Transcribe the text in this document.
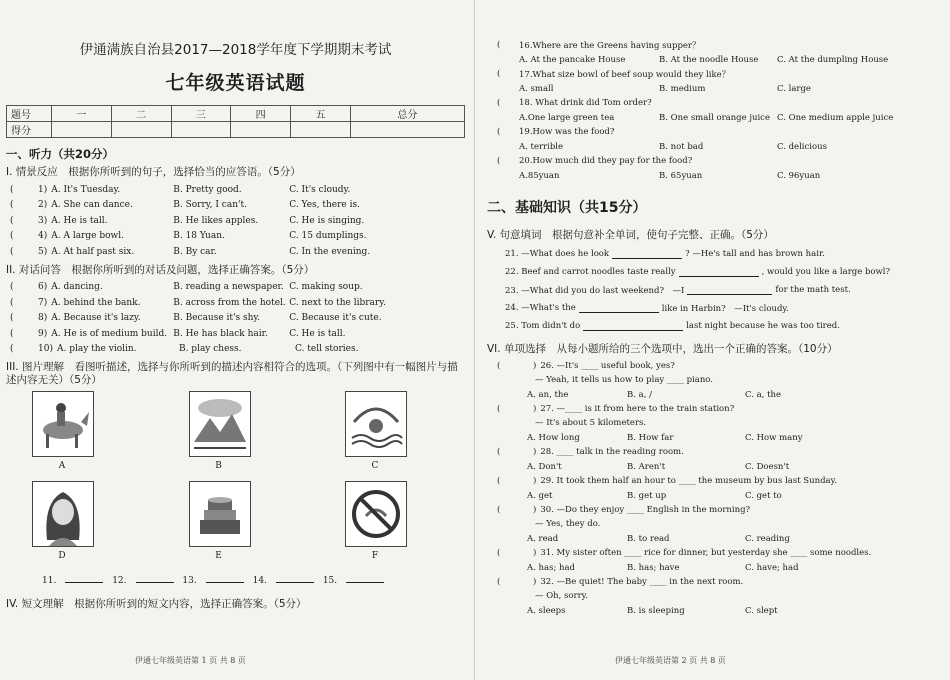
伊通满族自治县2017—2018学年度下学期期末考试
七年级英语试题
题号	一	二	三	四	五	总分
得分						
一、听力（共20分）
I. 情景反应　根据你所听到的句子，选择恰当的应答语。（5分）
(	1 ) A. It's Tuesday.	B. Pretty good.	C. It's cloudy.
(	2 ) A. She can dance.	B. Sorry, I can't.	C. Yes, there is.
(	3 ) A. He is tall.	B. He likes apples.	C. He is singing.
(	4 ) A. A large bowl.	B. 18 Yuan.	C. 15 dumplings.
(	5 ) A. At half past six.	B. By car.	C. In the evening.
II. 对话问答　根据你所听到的对话及问题，选择正确答案。（5分）
(	6 ) A. dancing.	B. reading a newspaper. C. making soup.
(	7 ) A. behind the bank.	B. across from the hotel. C. next to the library.
(	8 ) A. Because it's lazy.	B. Because it's shy.	C. Because it's cute.
(	9 ) A. He is of medium build. B. He has black hair.	C. He is tall.
(	10 ) A. play the violin.	B. play chess.	C. tell stories.
III. 图片理解　看图听描述，选择与你所听到的描述内容相符合的选项。（下列图中有一幅图片与描述内容无关）（5分）
A	B	C
D	E	F
11.	12.	13.	14.	15.
IV. 短文理解　根据你所听到的短文内容，选择正确答案。（5分）
伊通七年级英语第 1 页 共 8 页
(	16.Where are the Greens having supper？
A. At the pancake House	B. At the noodle House	C. At the dumpling House
(	17.What size bowl of beef soup would they like？
A. small	B. medium	C. large
(	18. What drink did Tom order?
A.One large green tea	B. One small orange juice C. One medium apple juice
(	19.How was the food?
A. terrible	B. not bad	C. delicious
(	20.How much did they pay for the food?
A.85yuan	B. 65yuan	C. 96yuan
二、基础知识（共15分）
V. 句意填词　根据句意补全单词，使句子完整、正确。（5分）
21. —What does he look	? —He's tall and has brown hair.
22. Beef and carrot noodles taste really	, would you like a large bowl?
23. —What did you do last weekend?　—I	for the math test.
24. —What's the	like in Harbin?　—It's cloudy.
25. Tom didn't do	last night because he was too tired.
VI. 单项选择　从每小题所给的三个选项中，选出一个正确的答案。（10分）
(	) 26. —It's ____ useful book, yes?
— Yeah, it tells us how to play ____ piano.
A. an, the	B. a, /	C. a, the
(	) 27. —____ is it from here to the train station?
— It's about 5 kilometers.
A. How long	B. How far	C. How many
(	) 28. ____ talk in the reading room.
A. Don't	B. Aren't	C. Doesn't
(	) 29. It took them half an hour to ____ the museum by bus last Sunday.
A. get	B. get up	C. get to
(	) 30. —Do they enjoy ____ English in the morning?
— Yes, they do.
A. read	B. to read	C. reading
(	) 31. My sister often ____ rice for dinner, but yesterday she ____ some noodles.
A. has; had	B. has; have	C. have; had
(	) 32. —Be quiet! The baby ____ in the next room.
— Oh, sorry.
A. sleeps	B. is sleeping	C. slept
伊通七年级英语第 2 页 共 8 页
